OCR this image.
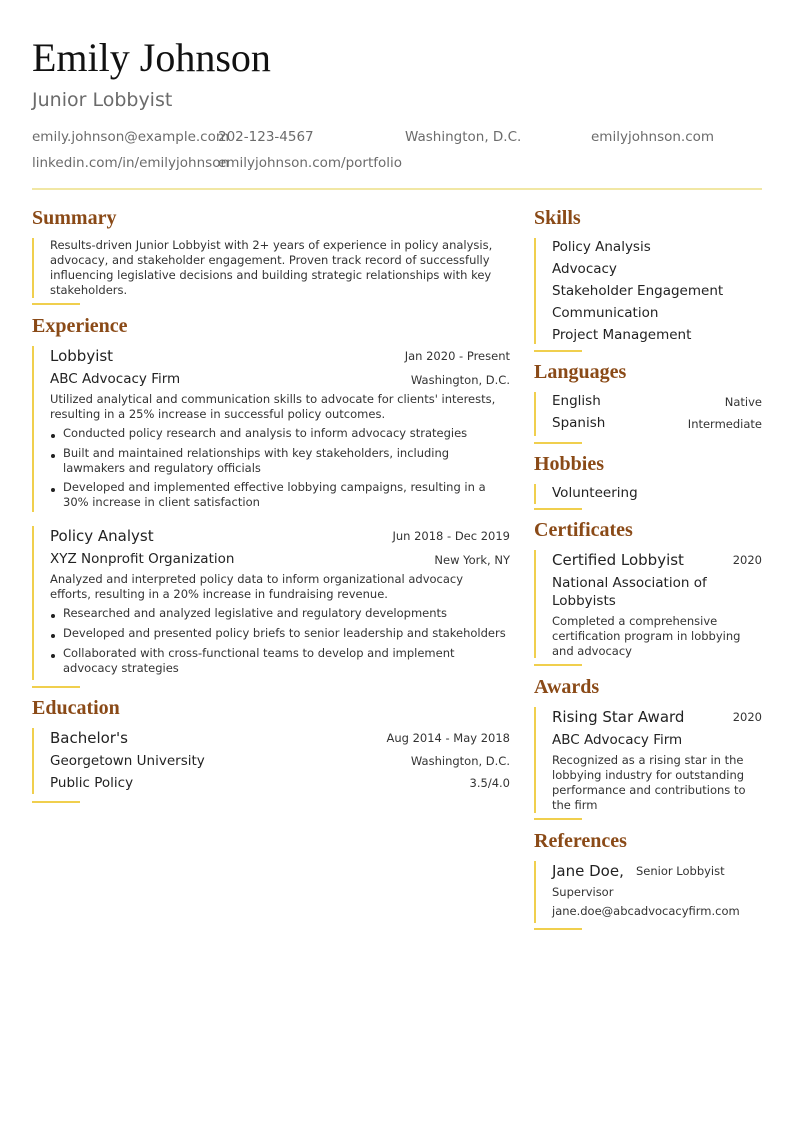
Emily Johnson
Junior Lobbyist
emily.johnson@example.com
202-123-4567	Washington, D.C.	emilyjohnson.com
linkedin.com/in/emilyjohnson
emilyjohnson.com/portfolio
Summary
Results-driven Junior Lobbyist with 2+ years of experience in policy analysis, advocacy, and stakeholder engagement. Proven track record of successfully influencing legislative decisions and building strategic relationships with key stakeholders.
Experience
Lobbyist	Jan 2020 - Present
ABC Advocacy Firm	Washington, D.C.
Utilized analytical and communication skills to advocate for clients' interests, resulting in a 25% increase in successful policy outcomes.
Conducted policy research and analysis to inform advocacy strategies
Built and maintained relationships with key stakeholders, including lawmakers and regulatory officials
Developed and implemented effective lobbying campaigns, resulting in a 30% increase in client satisfaction
Policy Analyst	Jun 2018 - Dec 2019
XYZ Nonprofit Organization	New York, NY
Analyzed and interpreted policy data to inform organizational advocacy efforts, resulting in a 20% increase in fundraising revenue.
Researched and analyzed legislative and regulatory developments
Developed and presented policy briefs to senior leadership and stakeholders
Collaborated with cross-functional teams to develop and implement advocacy strategies
Education
Bachelor's	Aug 2014 - May 2018
Georgetown University	Washington, D.C.
Public Policy	3.5/4.0
Skills
Policy Analysis
Advocacy
Stakeholder Engagement
Communication
Project Management
Languages
English	Native
Spanish	Intermediate
Hobbies
Volunteering
Certificates
Certified Lobbyist	2020
National Association of
Lobbyists
Completed a comprehensive certification program in lobbying and advocacy
Awards
Rising Star Award	2020
ABC Advocacy Firm
Recognized as a rising star in the lobbying industry for outstanding performance and contributions to the firm
References
Jane Doe, Senior Lobbyist
Supervisor
jane.doe@abcadvocacyfirm.com
